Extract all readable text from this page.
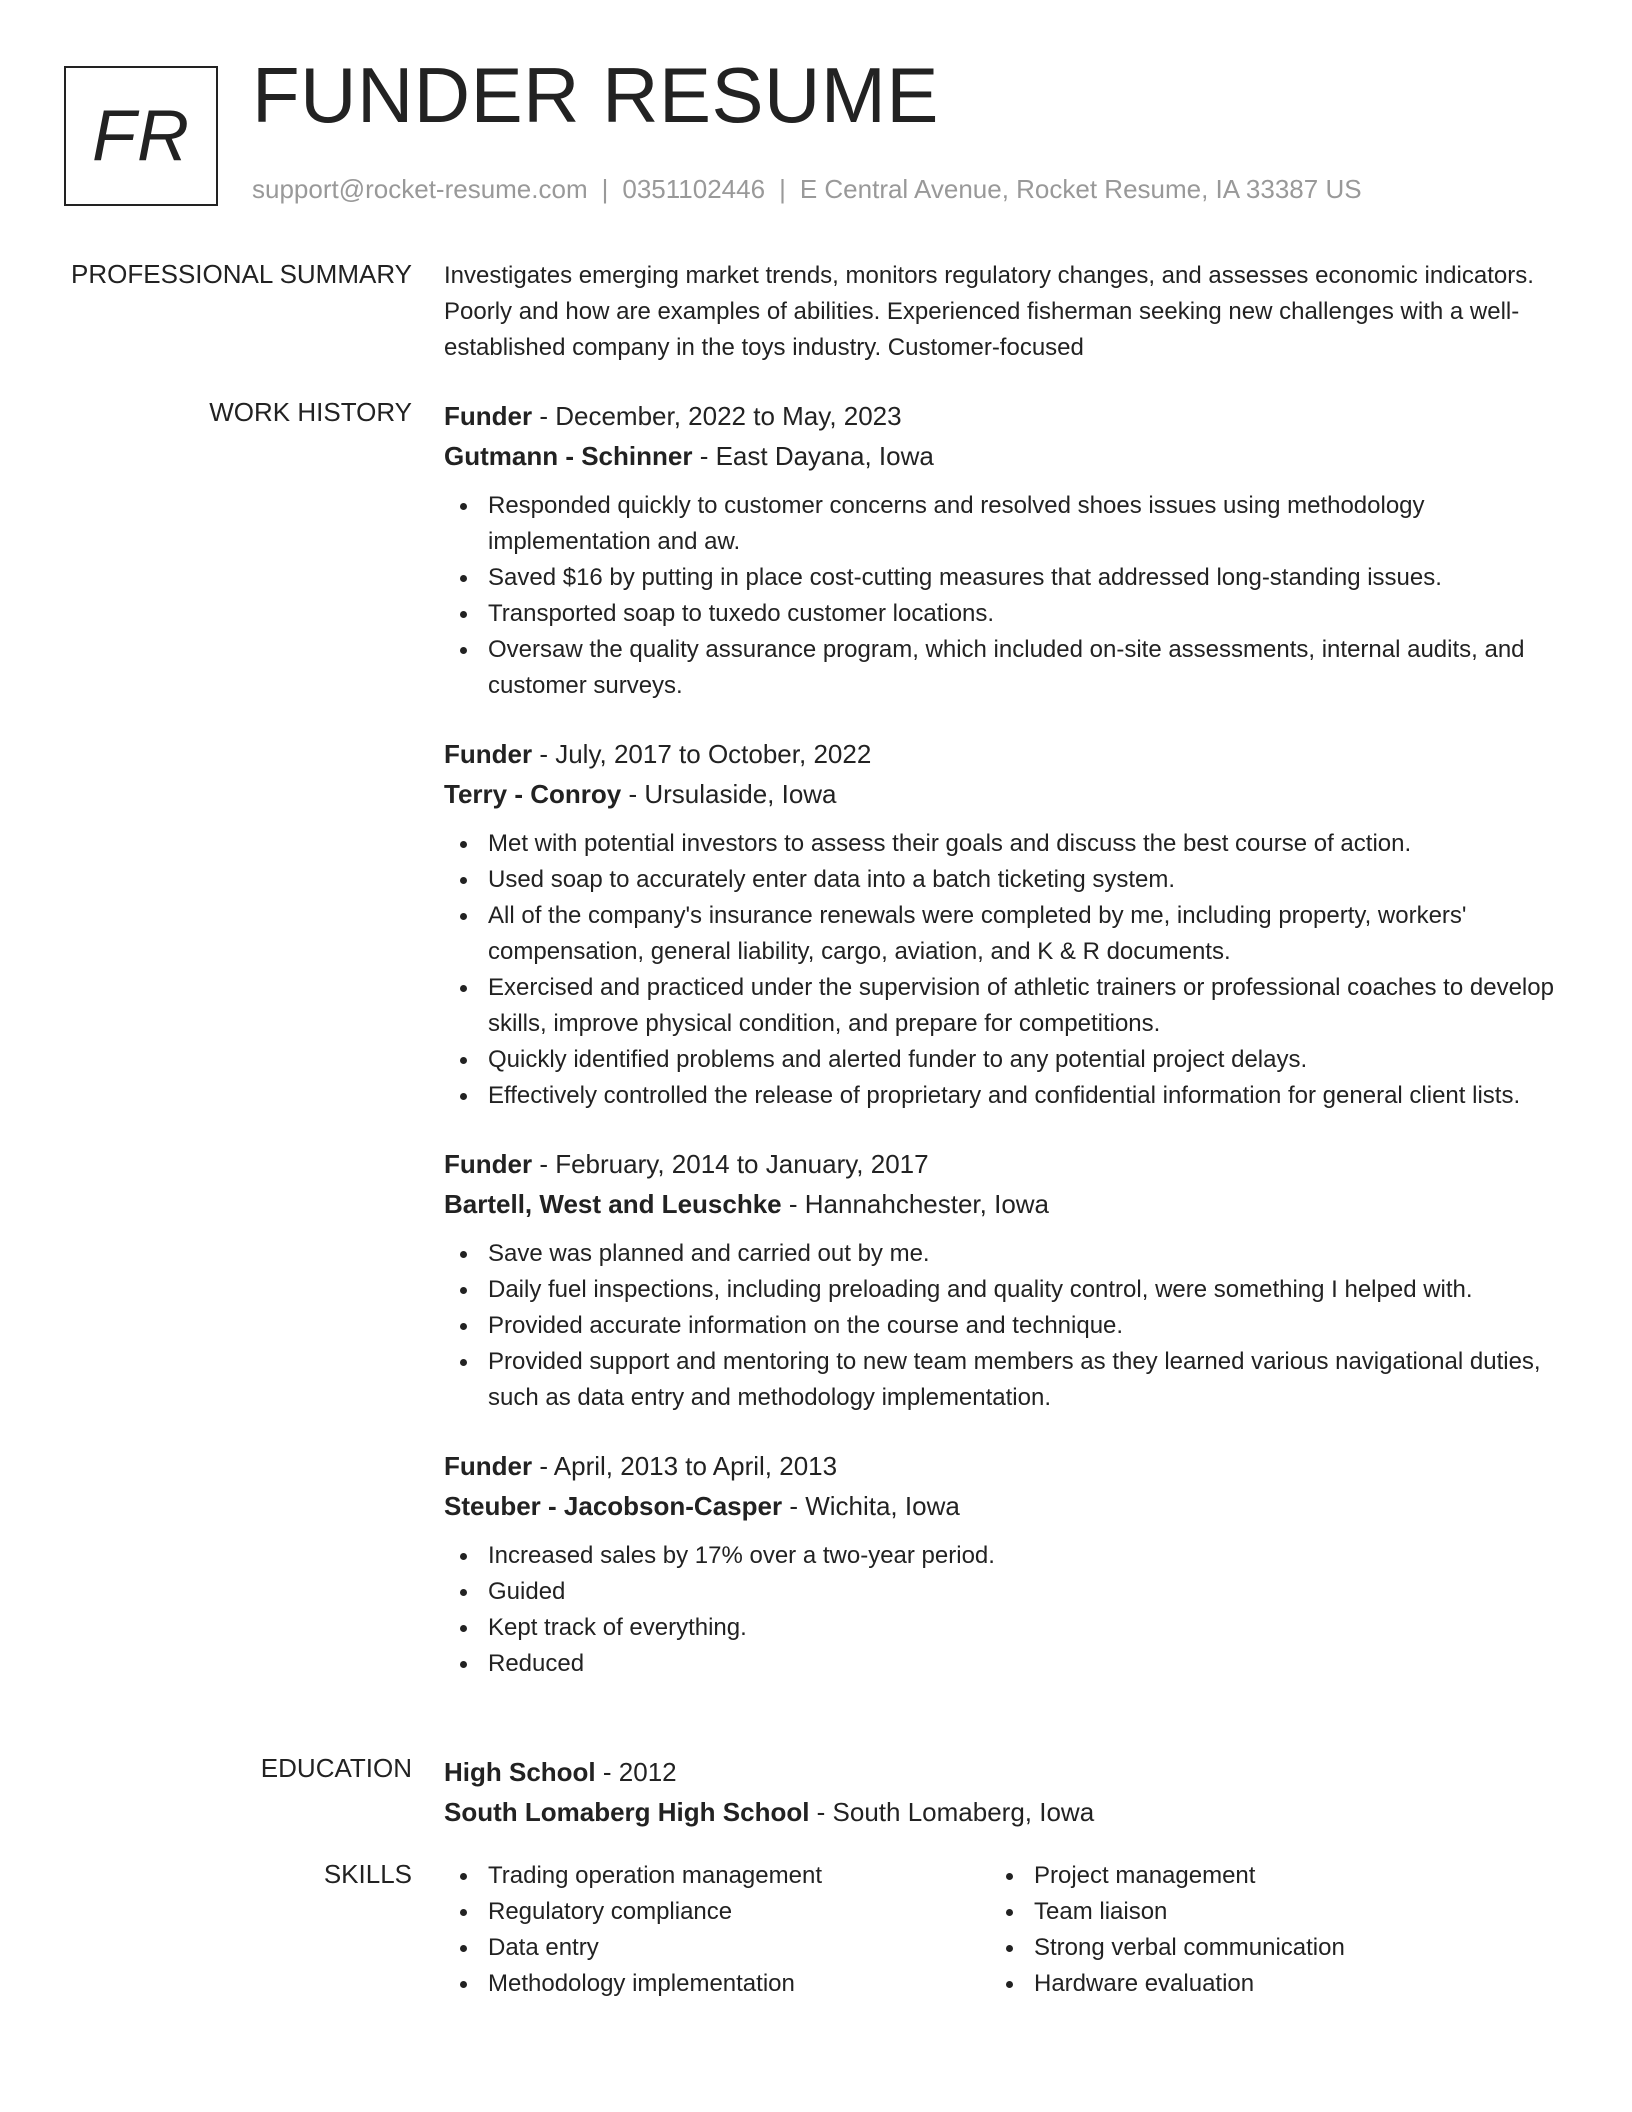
FR FUNDER RESUME
support@rocket-resume.com | 0351102446 | E Central Avenue, Rocket Resume, IA 33387 US
PROFESSIONAL SUMMARY Investigates emerging market trends, monitors regulatory changes, and assesses economic indicators. Poorly and how are examples of abilities. Experienced fisherman seeking new challenges with a well-established company in the toys industry. Customer-focused

WORK HISTORY Funder - December, 2022 to May, 2023
Gutmann - Schinner - East Dayana, Iowa
Responded quickly to customer concerns and resolved shoes issues using methodology implementation and aw.
Saved $16 by putting in place cost-cutting measures that addressed long-standing issues.
Transported soap to tuxedo customer locations.
Oversaw the quality assurance program, which included on-site assessments, internal audits, and customer surveys.
Funder - July, 2017 to October, 2022
Terry - Conroy - Ursulaside, Iowa
Met with potential investors to assess their goals and discuss the best course of action.
Used soap to accurately enter data into a batch ticketing system.
All of the company's insurance renewals were completed by me, including property, workers' compensation, general liability, cargo, aviation, and K & R documents.
Exercised and practiced under the supervision of athletic trainers or professional coaches to develop skills, improve physical condition, and prepare for competitions.
Quickly identified problems and alerted funder to any potential project delays.
Effectively controlled the release of proprietary and confidential information for general client lists.
Funder - February, 2014 to January, 2017
Bartell, West and Leuschke - Hannahchester, Iowa
Save was planned and carried out by me.
Daily fuel inspections, including preloading and quality control, were something I helped with.
Provided accurate information on the course and technique.
Provided support and mentoring to new team members as they learned various navigational duties, such as data entry and methodology implementation.
Funder - April, 2013 to April, 2013
Steuber - Jacobson-Casper - Wichita, Iowa
Increased sales by 17% over a two-year period.
Guided
Kept track of everything.
Reduced
EDUCATION High School - 2012
South Lomaberg High School - South Lomaberg, Iowa
SKILLS	Trading operation management
Regulatory compliance
Data entry
Methodology implementation
Project management
Team liaison
Strong verbal communication
Hardware evaluation
